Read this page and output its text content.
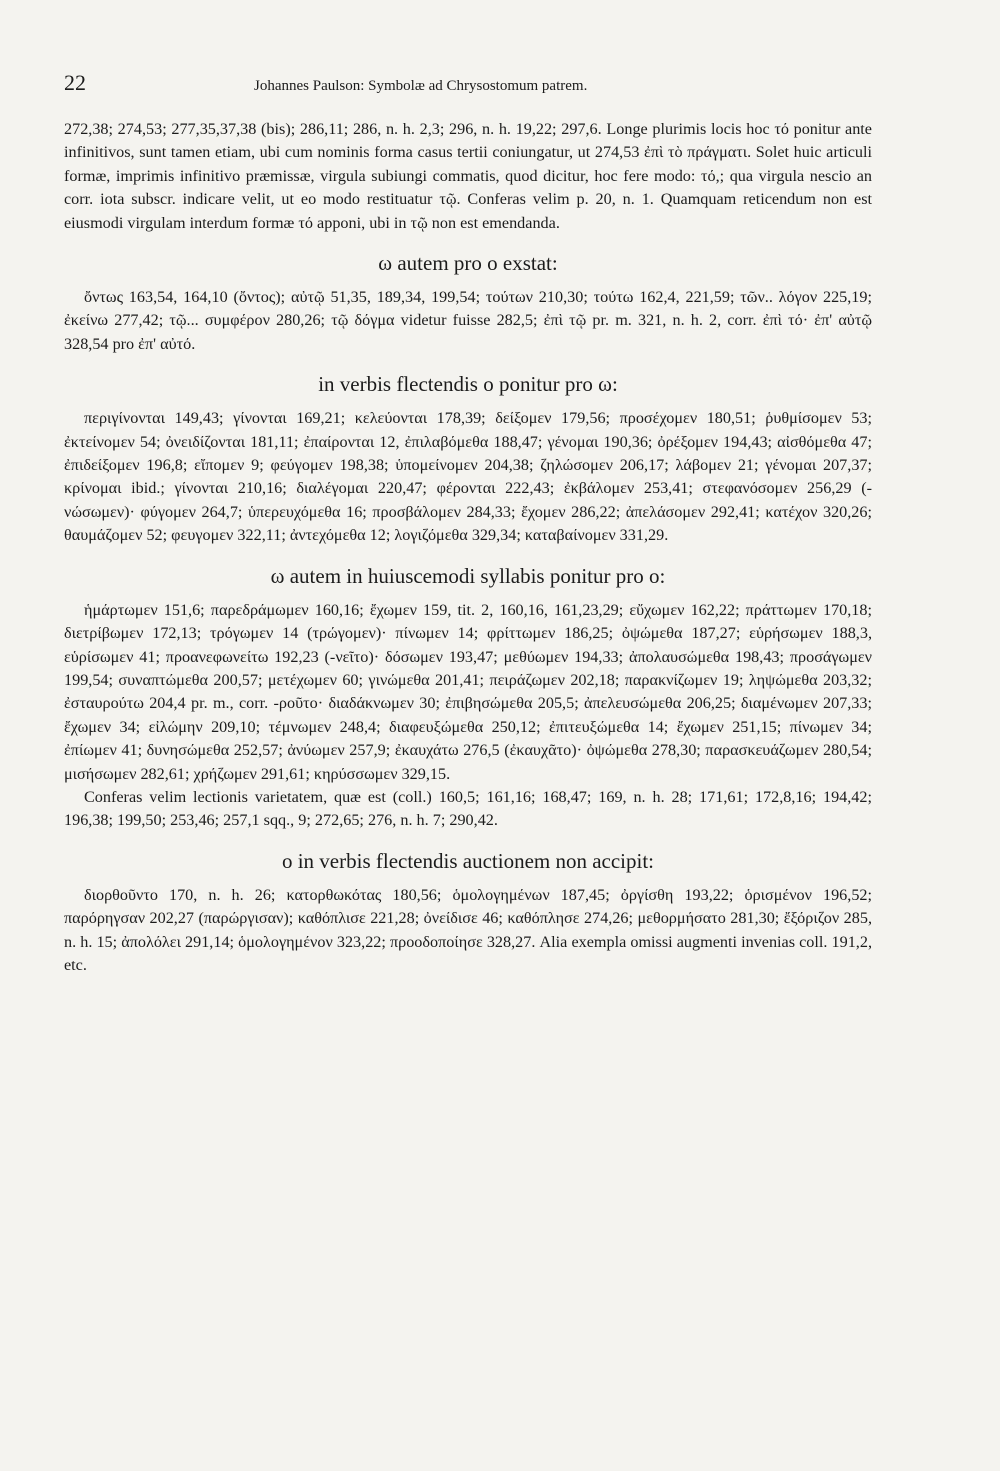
22	Johannes Paulson: Symbolæ ad Chrysostomum patrem.

272,38; 274,53; 277,35,37,38 (bis); 286,11; 286, n. h. 2,3; 296, n. h. 19,22; 297,6. Longe plurimis locis hoc τό ponitur ante infinitivos, sunt tamen etiam, ubi cum nominis forma casus tertii coniungatur, ut 274,53 ἐπὶ τὸ πράγματι. Solet huic articuli formæ, imprimis infinitivo præmissæ, virgula subiungi commatis, quod dicitur, hoc fere modo: τό,; qua virgula nescio an corr. iota subscr. indicare velit, ut eo modo restituatur τῷ. Conferas velim p. 20, n. 1. Quamquam reticendum non est eiusmodi virgulam interdum formæ τό apponi, ubi in τῷ non est emendanda.

ω autem pro ο exstat:

ὄντως 163,54, 164,10 (ὄντος); αὐτῷ 51,35, 189,34, 199,54; τούτων 210,30; τούτω 162,4, 221,59; τῶν.. λόγον 225,19; ἐκείνω 277,42; τῷ... συμφέρον 280,26; τῷ δόγμα videtur fuisse 282,5; ἐπὶ τῷ pr. m. 321, n. h. 2, corr. ἐπὶ τό· ἐπ' αὐτῷ 328,54 pro ἐπ' αὐτό.

in verbis flectendis ο ponitur pro ω:

περιγίνονται 149,43; γίνονται 169,21; κελεύονται 178,39; δείξομεν 179,56; προσέχομεν 180,51; ῥυθμίσομεν 53; ἐκτείνομεν 54; ὀνειδίζονται 181,11; ἐπαίρονται 12, ἐπιλαβόμεθα 188,47; γένομαι 190,36; ὀρέξομεν 194,43; αἰσθόμεθα 47; ἐπιδείξομεν 196,8; εἴπομεν 9; φεύγομεν 198,38; ὑπομείνομεν 204,38; ζηλώσομεν 206,17; λάβομεν 21; γένομαι 207,37; κρίνομαι ibid.; γίνονται 210,16; διαλέγομαι 220,47; φέρονται 222,43; ἐκβάλομεν 253,41; στεφανόσομεν 256,29 (-νώσωμεν)· φύγομεν 264,7; ὑπερευχόμεθα 16; προσβάλομεν 284,33; ἔχομεν 286,22; ἀπελάσομεν 292,41; κατέχον 320,26; θαυμάζομεν 52; φευγομεν 322,11; ἀντεχόμεθα 12; λογιζόμεθα 329,34; καταβαίνομεν 331,29.

ω autem in huiuscemodi syllabis ponitur pro ο:

ἡμάρτωμεν 151,6; παρεδράμωμεν 160,16; ἔχωμεν 159, tit. 2, 160,16, 161,23,29; εὔχωμεν 162,22; πράττωμεν 170,18; διετρίβωμεν 172,13; τρόγωμεν 14 (τρώγομεν)· πίνωμεν 14; φρίττωμεν 186,25; ὀψώμεθα 187,27; εὑρήσωμεν 188,3, εὑρίσωμεν 41; προανεφωνείτω 192,23 (-νεῖτο)· δόσωμεν 193,47; μεθύωμεν 194,33; ἀπολαυσώμεθα 198,43; προσάγωμεν 199,54; συναπτώμεθα 200,57; μετέχωμεν 60; γινώμεθα 201,41; πειράζωμεν 202,18; παρακνίζωμεν 19; ληψώμεθα 203,32; ἐσταυρούτω 204,4 pr. m., corr. -ροῦτο· διαδάκνωμεν 30; ἐπιβησώμεθα 205,5; ἀπελευσώμεθα 206,25; διαμένωμεν 207,33; ἔχωμεν 34; εἰλώμην 209,10; τέμνωμεν 248,4; διαφευξώμεθα 250,12; ἐπιτευξώμεθα 14; ἔχωμεν 251,15; πίνωμεν 34; ἐπίωμεν 41; δυνησώμεθα 252,57; ἀνύωμεν 257,9; ἐκαυχάτω 276,5 (ἐκαυχᾶτο)· ὀψώμεθα 278,30; παρασκευάζωμεν 280,54; μισήσωμεν 282,61; χρήζωμεν 291,61; κηρύσσωμεν 329,15.

Conferas velim lectionis varietatem, quæ est (coll.) 160,5; 161,16; 168,47; 169, n. h. 28; 171,61; 172,8,16; 194,42; 196,38; 199,50; 253,46; 257,1 sqq., 9; 272,65; 276, n. h. 7; 290,42.

ο in verbis flectendis auctionem non accipit:

διορθοῦντο 170, n. h. 26; κατορθωκότας 180,56; ὁμολογημένων 187,45; ὀργίσθη 193,22; ὁρισμένον 196,52; παρόρηγσαν 202,27 (παρώργισαν); καθόπλισε 221,28; ὀνείδισε 46; καθόπλησε 274,26; μεθορμήσατο 281,30; ἔξόριζον 285, n. h. 15; ἀπολόλει 291,14; ὁμολογημένον 323,22; προοδοποίησε 328,27. Alia exempla omissi augmenti invenias coll. 191,2, etc.
